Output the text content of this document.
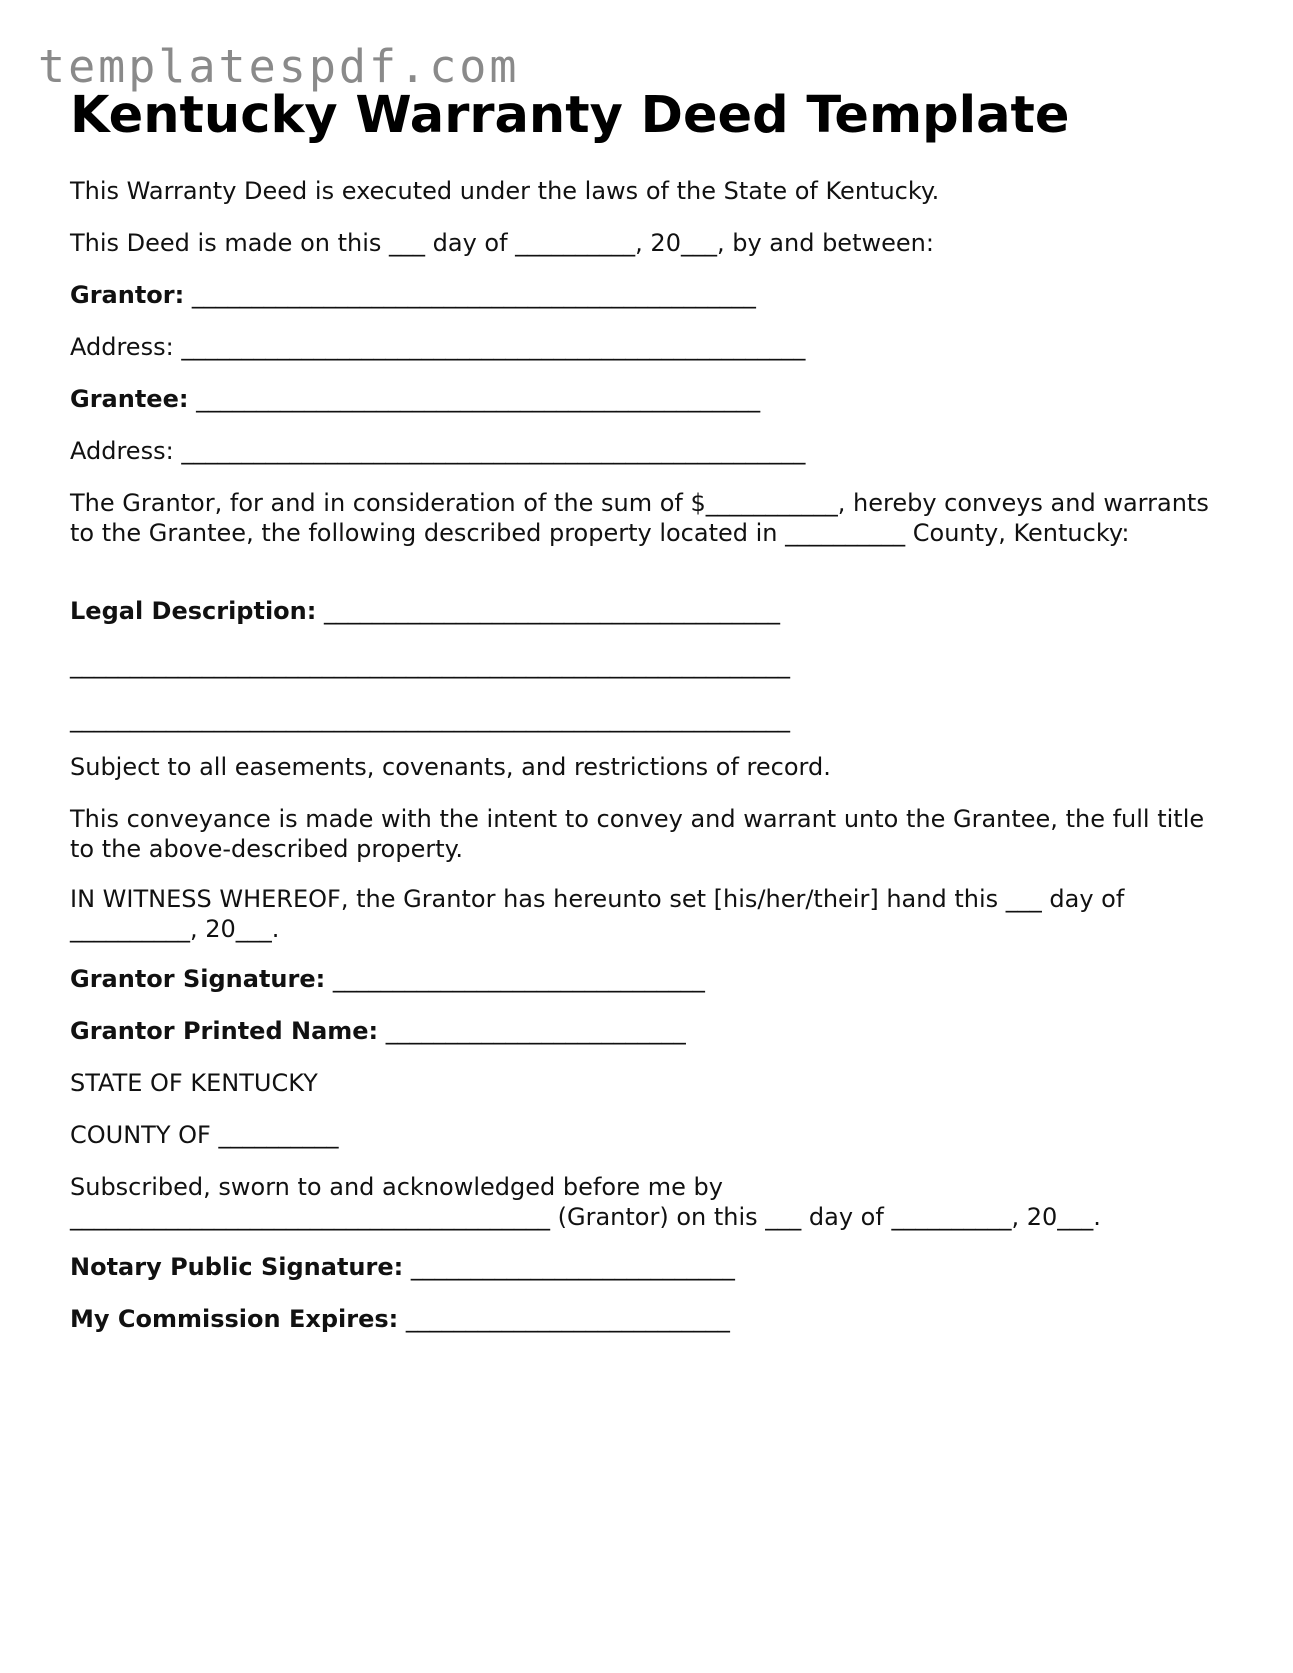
templatespdf.com
Kentucky Warranty Deed Template
This Warranty Deed is executed under the laws of the State of Kentucky.
This Deed is made on this ___ day of __________, 20___, by and between:
Grantor: _______________________________________________
Address: ____________________________________________________
Grantee: _______________________________________________
Address: ____________________________________________________
The Grantor, for and in consideration of the sum of $___________, hereby conveys and warrants to the Grantee, the following described property located in __________ County, Kentucky:
Legal Description: ______________________________________
____________________________________________________________
____________________________________________________________
Subject to all easements, covenants, and restrictions of record.
This conveyance is made with the intent to convey and warrant unto the Grantee, the full title to the above-described property.
IN WITNESS WHEREOF, the Grantor has hereunto set [his/her/their] hand this ___ day of __________, 20___.
Grantor Signature: _______________________________
Grantor Printed Name: _________________________
STATE OF KENTUCKY
COUNTY OF __________
Subscribed, sworn to and acknowledged before me by ________________________________________ (Grantor) on this ___ day of __________, 20___.
Notary Public Signature: ___________________________
My Commission Expires: ___________________________
